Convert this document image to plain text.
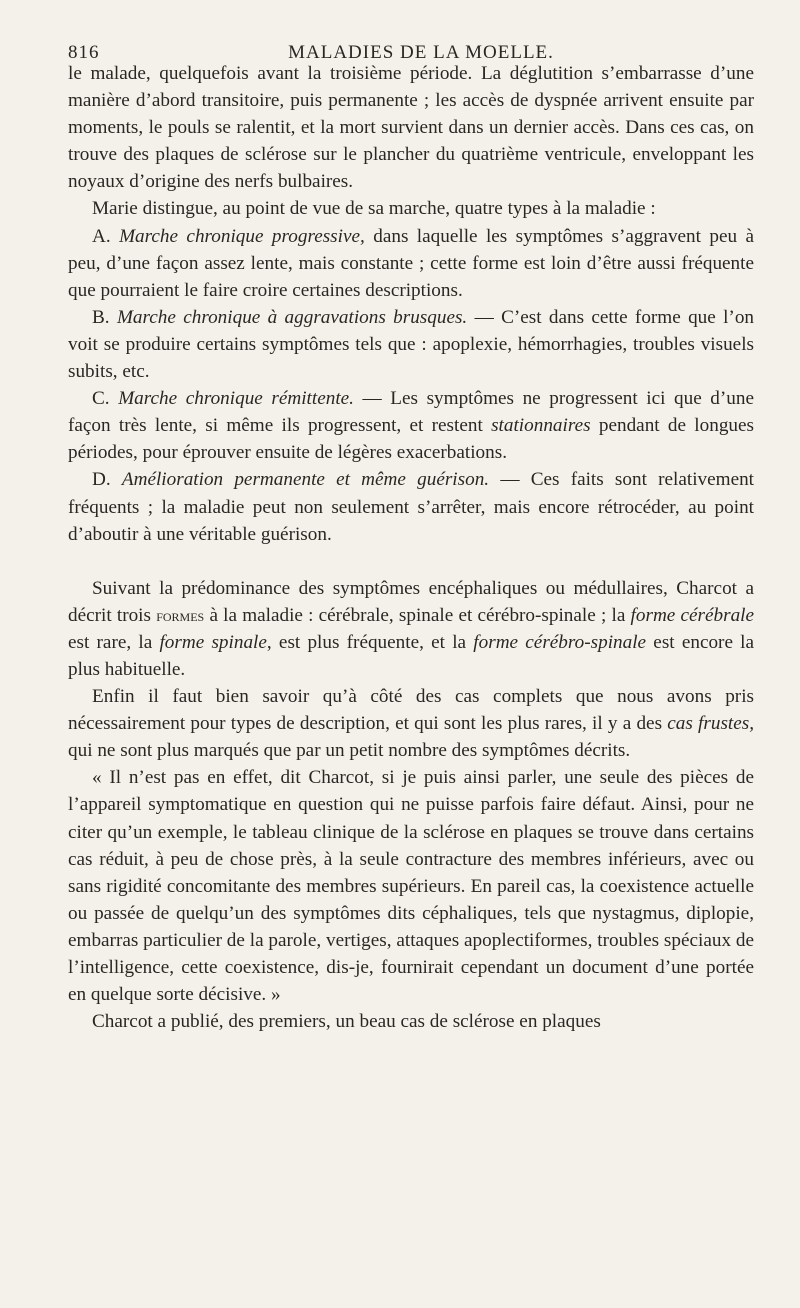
816	MALADIES DE LA MOELLE.

le malade, quelquefois avant la troisième période. La déglutition s’embarrasse d’une manière d’abord transitoire, puis permanente ; les accès de dyspnée arrivent ensuite par moments, le pouls se ralentit, et la mort survient dans un dernier accès. Dans ces cas, on trouve des plaques de sclérose sur le plancher du quatrième ventricule, enveloppant les noyaux d’origine des nerfs bulbaires.

Marie distingue, au point de vue de sa marche, quatre types à la maladie :

A. Marche chronique progressive, dans laquelle les symptômes s’aggravent peu à peu, d’une façon assez lente, mais constante ; cette forme est loin d’être aussi fréquente que pourraient le faire croire certaines descriptions.

B. Marche chronique à aggravations brusques. — C’est dans cette forme que l’on voit se produire certains symptômes tels que : apoplexie, hémorrhagies, troubles visuels subits, etc.

C. Marche chronique rémittente. — Les symptômes ne progressent ici que d’une façon très lente, si même ils progressent, et restent stationnaires pendant de longues périodes, pour éprouver ensuite de légères exacerbations.

D. Amélioration permanente et même guérison. — Ces faits sont relativement fréquents ; la maladie peut non seulement s’arrêter, mais encore rétrocéder, au point d’aboutir à une véritable guérison.

Suivant la prédominance des symptômes encéphaliques ou médullaires, Charcot a décrit trois formes à la maladie : cérébrale, spinale et cérébro-spinale ; la forme cérébrale est rare, la forme spinale, est plus fréquente, et la forme cérébro-spinale est encore la plus habituelle.

Enfin il faut bien savoir qu’à côté des cas complets que nous avons pris nécessairement pour types de description, et qui sont les plus rares, il y a des cas frustes, qui ne sont plus marqués que par un petit nombre des symptômes décrits.

« Il n’est pas en effet, dit Charcot, si je puis ainsi parler, une seule des pièces de l’appareil symptomatique en question qui ne puisse parfois faire défaut. Ainsi, pour ne citer qu’un exemple, le tableau clinique de la sclérose en plaques se trouve dans certains cas réduit, à peu de chose près, à la seule contracture des membres inférieurs, avec ou sans rigidité concomitante des membres supérieurs. En pareil cas, la coexistence actuelle ou passée de quelqu’un des symptômes dits céphaliques, tels que nystagmus, diplopie, embarras particulier de la parole, vertiges, attaques apoplectiformes, troubles spéciaux de l’intelligence, cette coexistence, dis-je, fournirait cependant un document d’une portée en quelque sorte décisive. »

Charcot a publié, des premiers, un beau cas de sclérose en plaques
